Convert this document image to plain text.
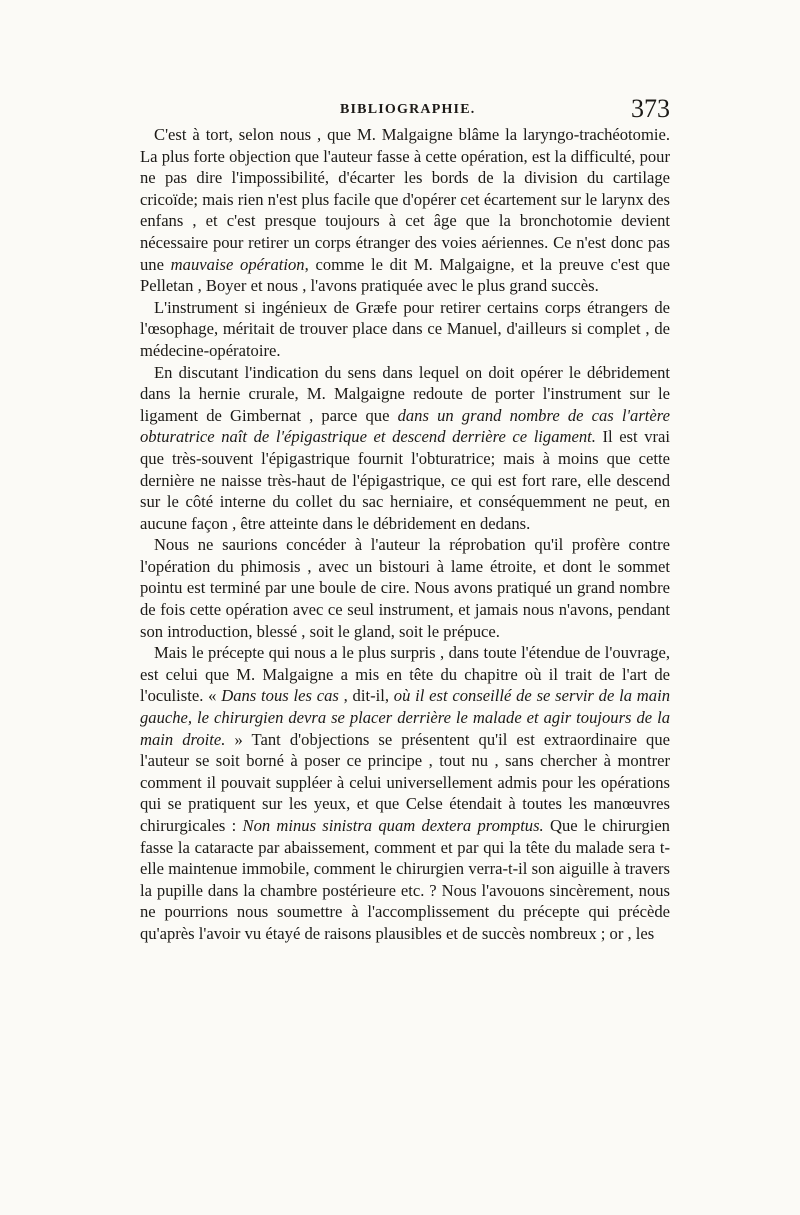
BIBLIOGRAPHIE.	373

C'est à tort, selon nous , que M. Malgaigne blâme la laryngo-trachéotomie. La plus forte objection que l'auteur fasse à cette opération, est la difficulté, pour ne pas dire l'impossibilité, d'écarter les bords de la division du cartilage cricoïde; mais rien n'est plus facile que d'opérer cet écartement sur le larynx des enfans , et c'est presque toujours à cet âge que la bronchotomie devient nécessaire pour retirer un corps étranger des voies aériennes. Ce n'est donc pas une mauvaise opération, comme le dit M. Malgaigne, et la preuve c'est que Pelletan , Boyer et nous , l'avons pratiquée avec le plus grand succès.

L'instrument si ingénieux de Græfe pour retirer certains corps étrangers de l'œsophage, méritait de trouver place dans ce Manuel, d'ailleurs si complet , de médecine-opératoire.

En discutant l'indication du sens dans lequel on doit opérer le débridement dans la hernie crurale, M. Malgaigne redoute de porter l'instrument sur le ligament de Gimbernat , parce que dans un grand nombre de cas l'artère obturatrice naît de l'épigastrique et descend derrière ce ligament. Il est vrai que très-souvent l'épigastrique fournit l'obturatrice; mais à moins que cette dernière ne naisse très-haut de l'épigastrique, ce qui est fort rare, elle descend sur le côté interne du collet du sac herniaire, et conséquemment ne peut, en aucune façon , être atteinte dans le débridement en dedans.

Nous ne saurions concéder à l'auteur la réprobation qu'il profère contre l'opération du phimosis , avec un bistouri à lame étroite, et dont le sommet pointu est terminé par une boule de cire. Nous avons pratiqué un grand nombre de fois cette opération avec ce seul instrument, et jamais nous n'avons, pendant son introduction, blessé , soit le gland, soit le prépuce.

Mais le précepte qui nous a le plus surpris , dans toute l'étendue de l'ouvrage, est celui que M. Malgaigne a mis en tête du chapitre où il trait de l'art de l'oculiste. « Dans tous les cas , dit-il, où il est conseillé de se servir de la main gauche, le chirurgien devra se placer derrière le malade et agir toujours de la main droite. » Tant d'objections se présentent qu'il est extraordinaire que l'auteur se soit borné à poser ce principe , tout nu , sans chercher à montrer comment il pouvait suppléer à celui universellement admis pour les opérations qui se pratiquent sur les yeux, et que Celse étendait à toutes les manœuvres chirurgicales : Non minus sinistra quam dextera promptus. Que le chirurgien fasse la cataracte par abaissement, comment et par qui la tête du malade sera t-elle maintenue immobile, comment le chirurgien verra-t-il son aiguille à travers la pupille dans la chambre postérieure etc. ? Nous l'avouons sincèrement, nous ne pourrions nous soumettre à l'accomplissement du précepte qui précède qu'après l'avoir vu étayé de raisons plausibles et de succès nombreux ; or , les
